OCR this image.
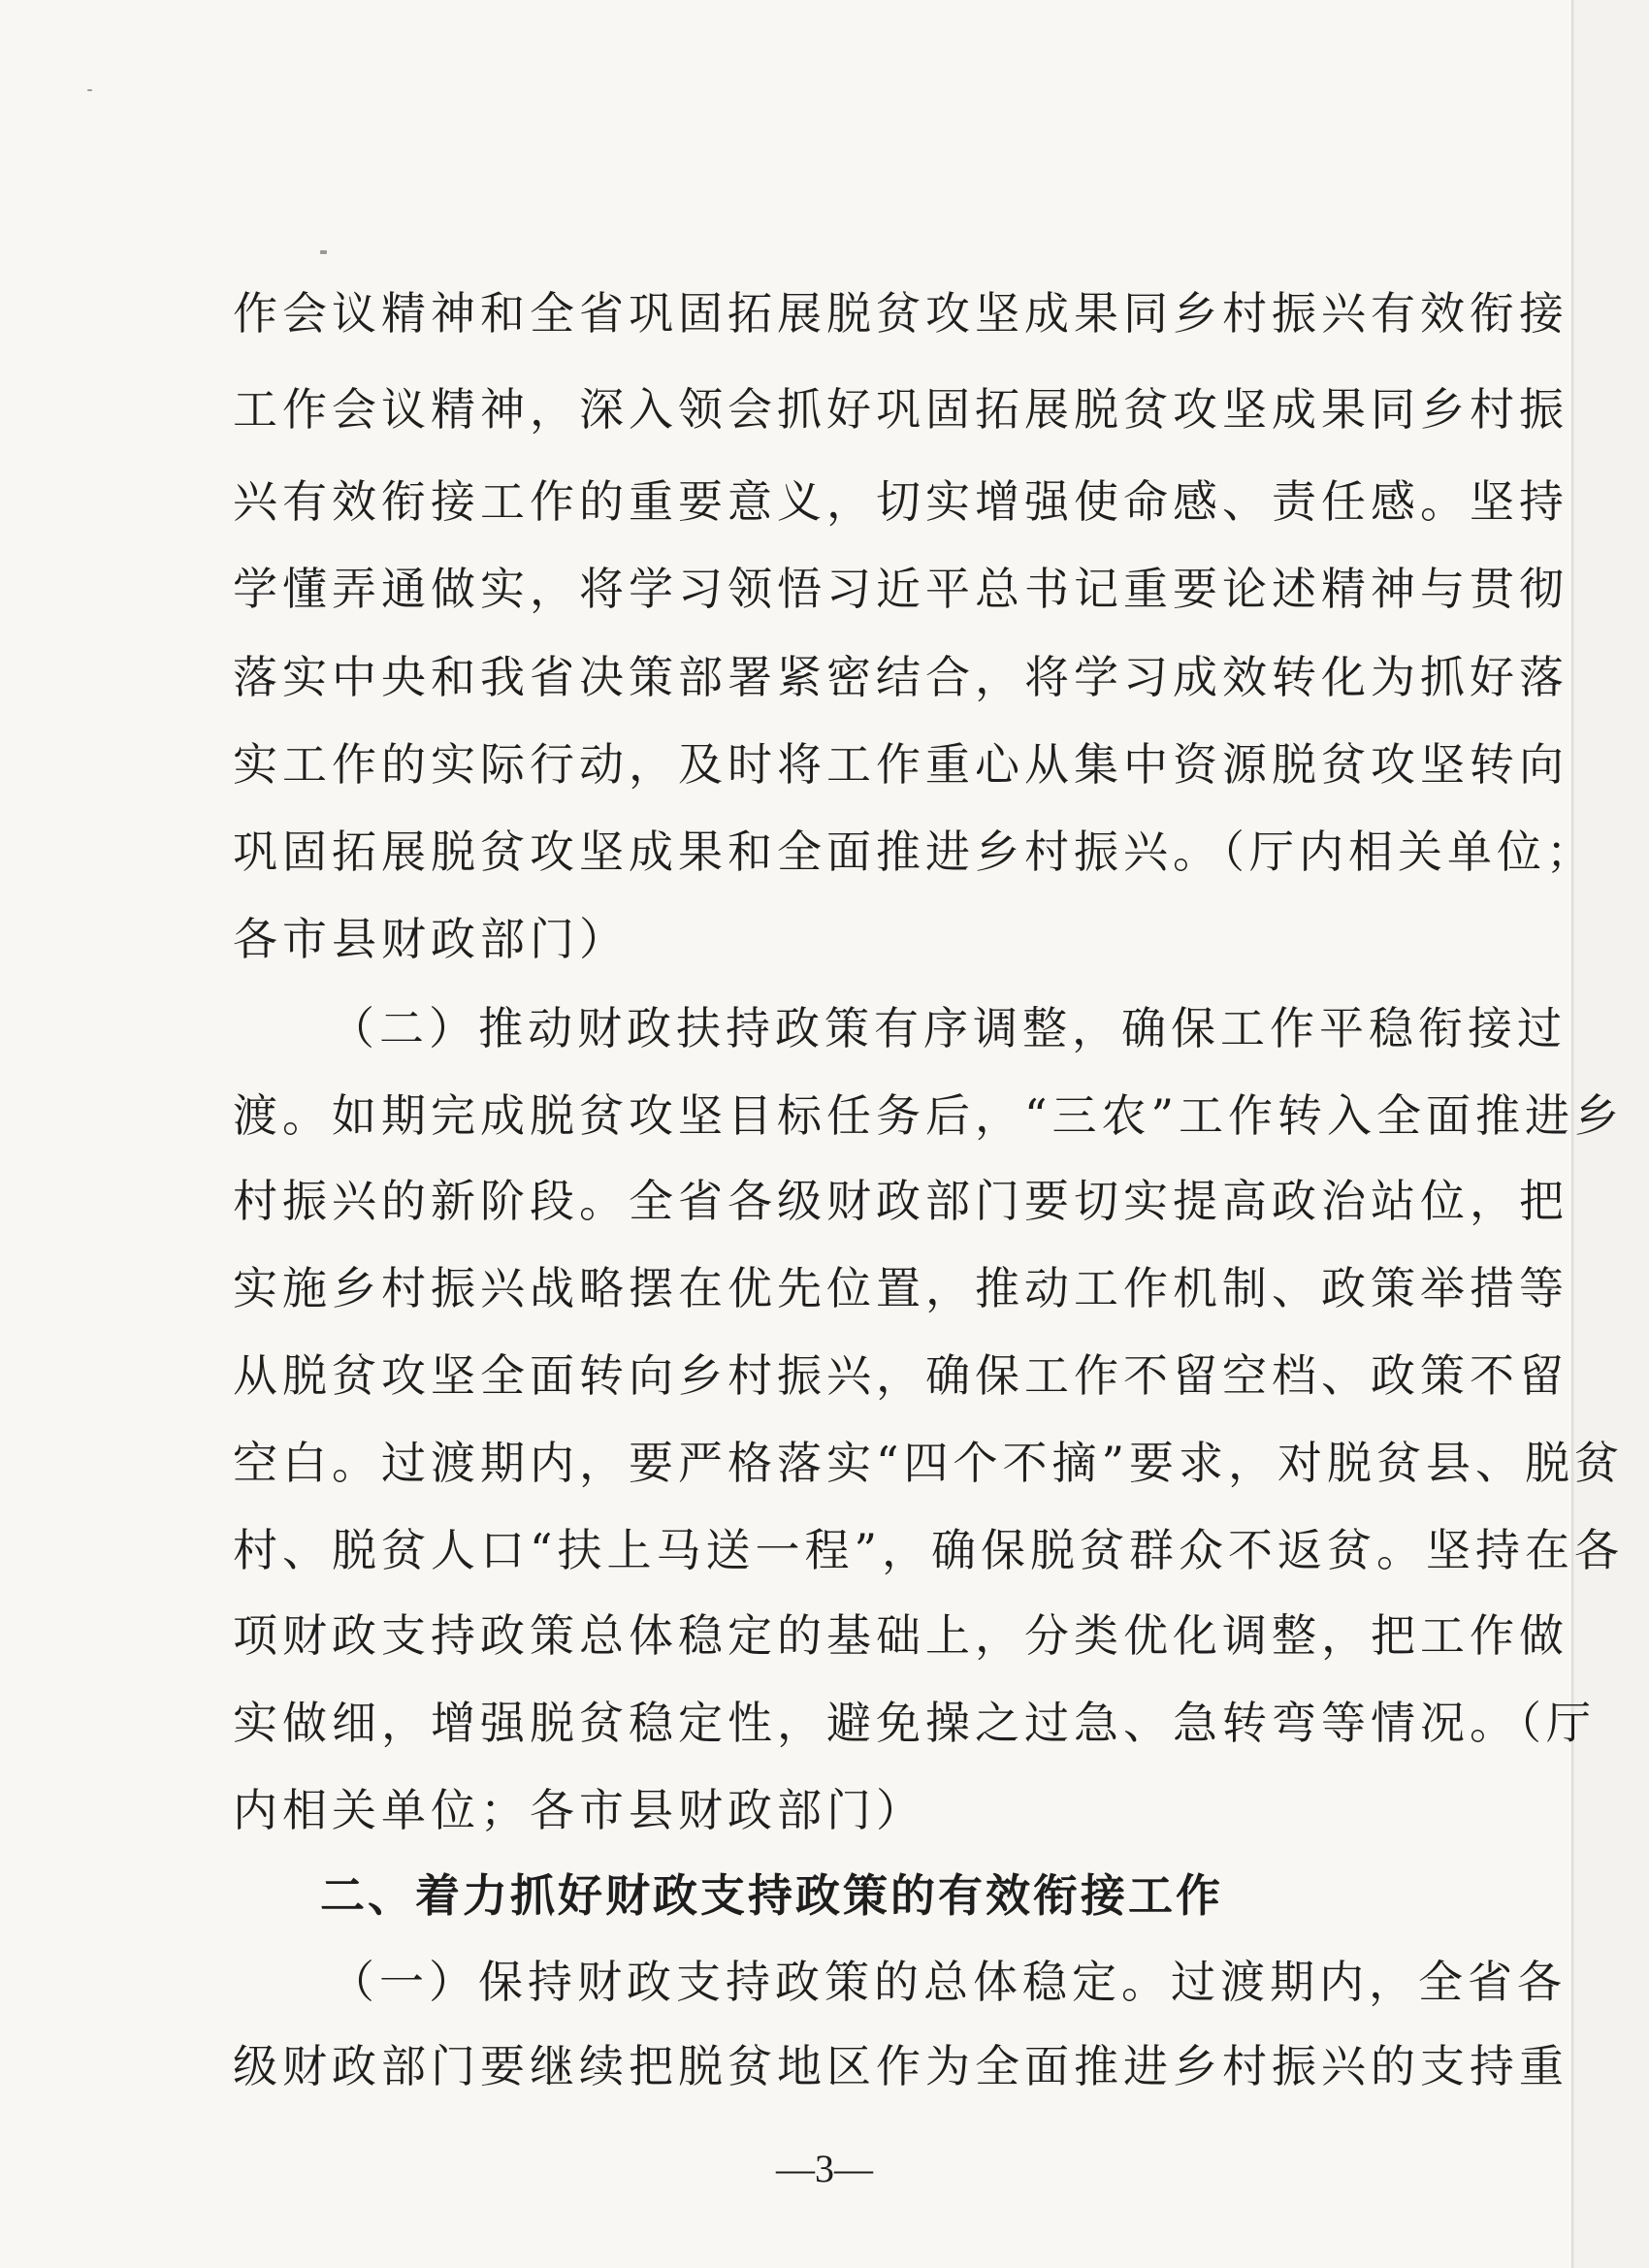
作会议精神和全省巩固拓展脱贫攻坚成果同乡村振兴有效衔接
工作会议精神，深入领会抓好巩固拓展脱贫攻坚成果同乡村振
兴有效衔接工作的重要意义，切实增强使命感、责任感。坚持
学懂弄通做实，将学习领悟习近平总书记重要论述精神与贯彻
落实中央和我省决策部署紧密结合，将学习成效转化为抓好落
实工作的实际行动，及时将工作重心从集中资源脱贫攻坚转向
巩固拓展脱贫攻坚成果和全面推进乡村振兴。（厅内相关单位；
各市县财政部门）
（二）推动财政扶持政策有序调整，确保工作平稳衔接过
渡。如期完成脱贫攻坚目标任务后，“三农”工作转入全面推进乡
村振兴的新阶段。全省各级财政部门要切实提高政治站位，把
实施乡村振兴战略摆在优先位置，推动工作机制、政策举措等
从脱贫攻坚全面转向乡村振兴，确保工作不留空档、政策不留
空白。过渡期内，要严格落实“四个不摘”要求，对脱贫县、脱贫
村、脱贫人口“扶上马送一程”，确保脱贫群众不返贫。坚持在各
项财政支持政策总体稳定的基础上，分类优化调整，把工作做
实做细，增强脱贫稳定性，避免操之过急、急转弯等情况。（厅
内相关单位；各市县财政部门）
二、着力抓好财政支持政策的有效衔接工作
（一）保持财政支持政策的总体稳定。过渡期内，全省各
级财政部门要继续把脱贫地区作为全面推进乡村振兴的支持重
—3—
